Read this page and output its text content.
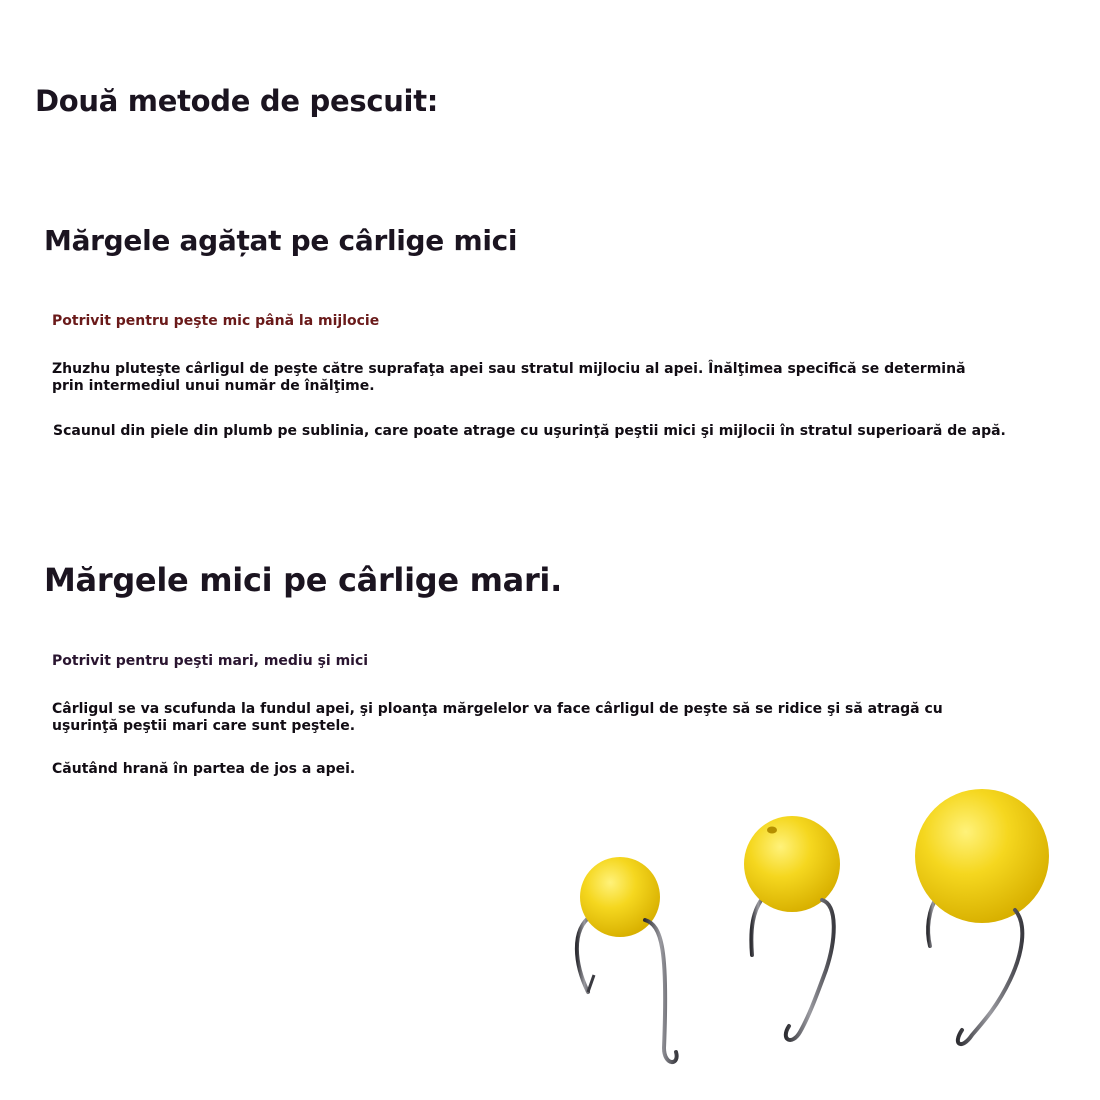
Două metode de pescuit:
Mărgele agățat pe cârlige mici

Potrivit pentru peşte mic până la mijlocie

Zhuzhu pluteşte cârligul de peşte către suprafaţa apei sau stratul mijlociu al apei. Înălţimea specifică se determină prin intermediul unui număr de înălţime.

Scaunul din piele din plumb pe sublinia, care poate atrage cu uşurinţă peştii mici şi mijlocii în stratul superioară de apă.

Mărgele mici pe cârlige mari.

Potrivit pentru peşti mari, mediu şi mici

Cârligul se va scufunda la fundul apei, şi ploanţa mărgelelor va face cârligul de peşte să se ridice şi să atragă cu uşurinţă peştii mari care sunt peştele.

Căutând hrană în partea de jos a apei.
